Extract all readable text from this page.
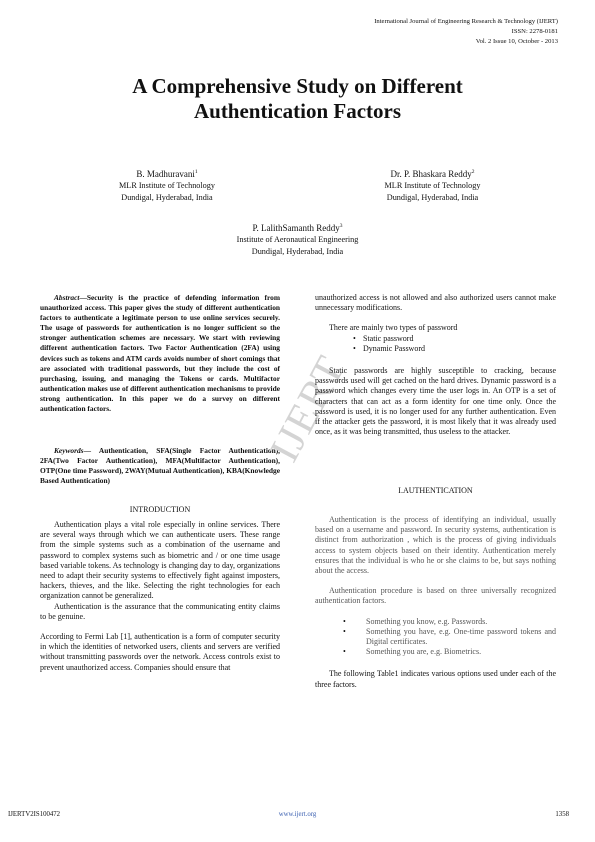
International Journal of Engineering Research & Technology (IJERT)
ISSN: 2278-0181
Vol. 2 Issue 10, October - 2013
A Comprehensive Study on Different
Authentication Factors
B. Madhuravani$^1$
MLR Institute of Technology
Dundigal, Hyderabad, India
Dr. P. Bhaskara Reddy$^2$
MLR Institute of Technology
Dundigal, Hyderabad, India
P. LalithSamanth Reddy$^3$
Institute of Aeronautical Engineering
Dundigal, Hyderabad, India
Abstract—Security is the practice of defending information from unauthorized access. This paper gives the study of different authentication factors to authenticate a legitimate person to use online services securely. The usage of passwords for authentication is no longer sufficient so the stronger authentication schemes are necessary. We start with reviewing different authentication factors. Two Factor Authentication (2FA) using devices such as tokens and ATM cards avoids number of short comings that are associated with traditional passwords, but they include the cost of purchasing, issuing, and managing the Tokens or cards. Multifactor authentication makes use of different authentication mechanisms to provide strong authentication. In this paper we do a survey on different authentication factors.
Keywords— Authentication, SFA(Single Factor Authentication), 2FA(Two Factor Authentication), MFA(Multifactor Authentication), OTP(One time Password), 2WAY(Mutual Authentication), KBA(Knowledge Based Authentication)
INTRODUCTION
Authentication plays a vital role especially in online services. There are several ways through which we can authenticate users. These range from the simple systems such as a combination of the username and password to complex systems such as biometric and / or one time usage based variable tokens. As technology is changing day to day, organizations need to adapt their security systems to effectively fight against imposters, hackers, thieves, and the like. Selecting the right technologies for each organization cannot be generalized.
Authentication is the assurance that the communicating entity claims to be genuine.
According to Fermi Lab [1], authentication is a form of computer security in which the identities of networked users, clients and servers are verified without transmitting passwords over the network. Access controls exist to prevent unauthorized access. Companies should ensure that
IJERT
unauthorized access is not allowed and also authorized users cannot make unnecessary modifications.
There are mainly two types of password
• Static password
• Dynamic Password
Static passwords are highly susceptible to cracking, because passwords used will get cached on the hard drives. Dynamic password is a password which changes every time the user logs in. An OTP is a set of characters that can act as a form identity for one time only. Once the password is used, it is no longer used for any further authentication. Even if the attacker gets the password, it is most likely that it was already used once, as it was being transmitted, thus useless to the attacker.
I.AUTHENTICATION
Authentication is the process of identifying an individual, usually based on a username and password. In security systems, authentication is distinct from authorization , which is the process of giving individuals access to system objects based on their identity. Authentication merely ensures that the individual is who he or she claims to be, but says nothing about the access.
Authentication procedure is based on three universally recognized authentication factors.
• Something you know, e.g. Passwords.
• Something you have, e.g. One-time password tokens and Digital certificates.
• Something you are, e.g. Biometrics.
The following Table1 indicates various options used under each of the three factors.
IJERTV2IS100472	www.ijert.org	1358
